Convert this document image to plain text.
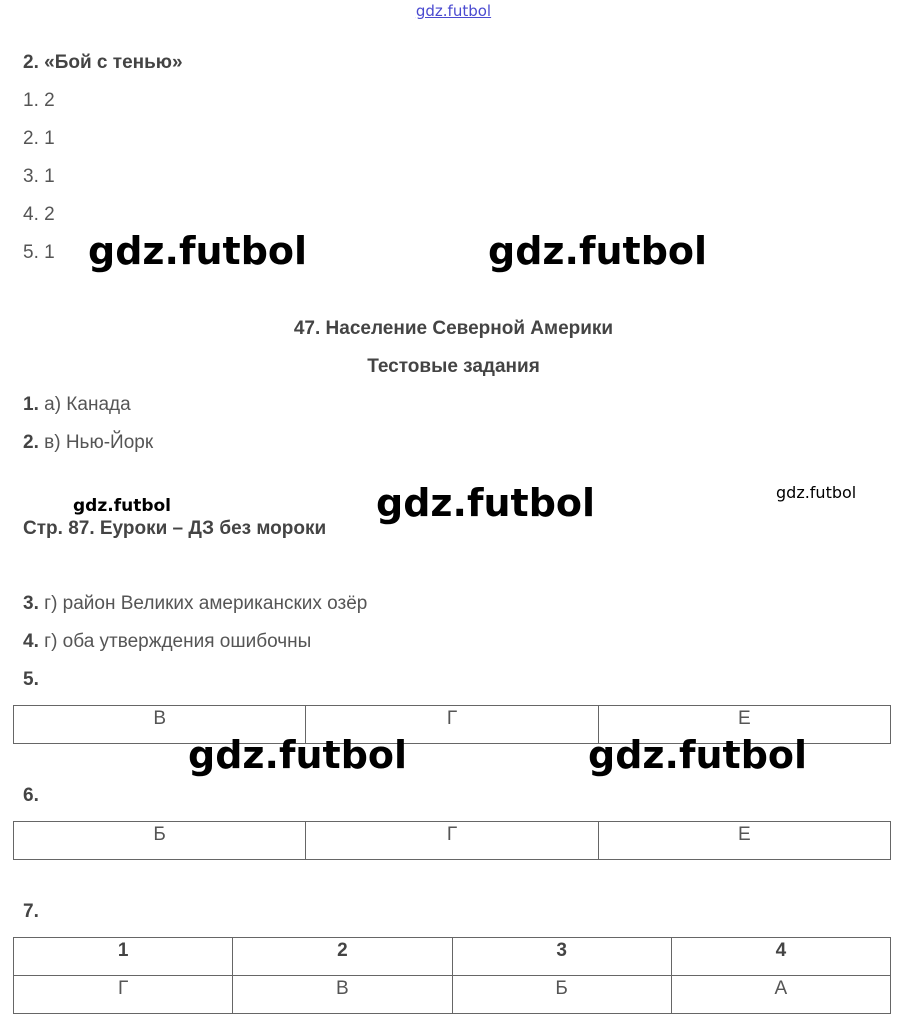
gdz.futbol
2. «Бой с тенью»
1. 2
2. 1
3. 1
4. 2
5. 1 gdz.futbol	gdz.futbol
47. Население Северной Америки
Тестовые задания
1. а) Канада
2. в) Нью-Йорк
gdz.futbol	gdz.futbol	gdz.futbol
Стр. 87. Еуроки – ДЗ без мороки
3. г) район Великих американских озёр
4. г) оба утверждения ошибочны
5.
В	Г	Е
gdz.futbol	gdz.futbol
6.
Б	Г	Е
7.
1	2	3	4
Г	В	Б	А
